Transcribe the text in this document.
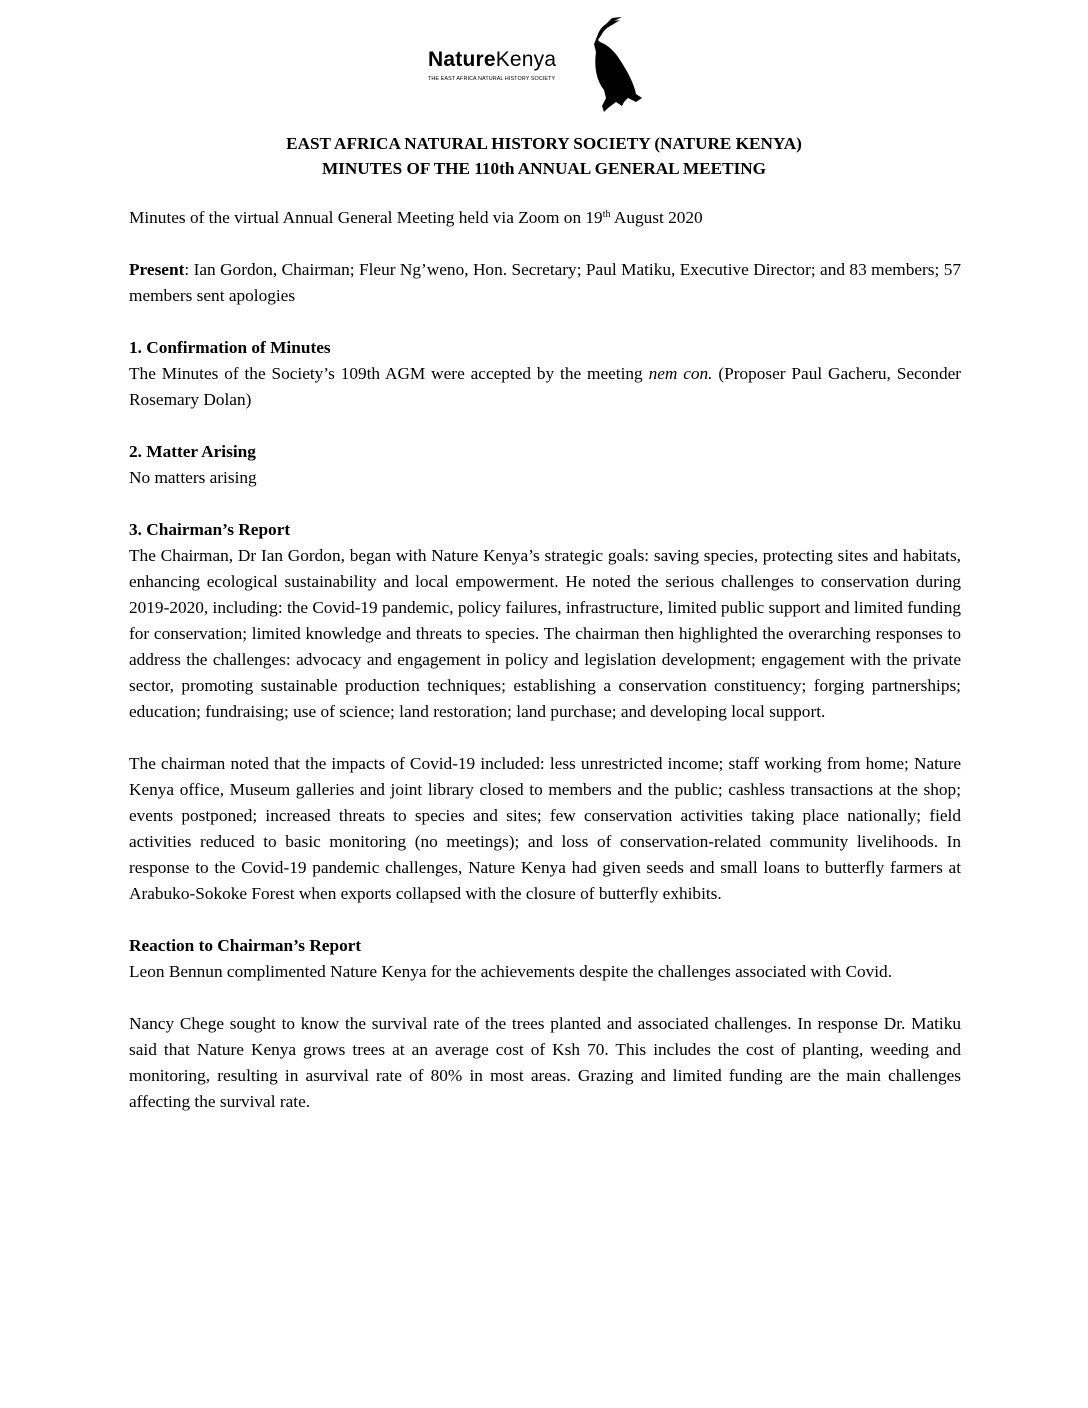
NatureKenya
THE EAST AFRICA NATURAL HISTORY SOCIETY
EAST AFRICA NATURAL HISTORY SOCIETY (NATURE KENYA)
MINUTES OF THE 110th ANNUAL GENERAL MEETING

Minutes of the virtual Annual General Meeting held via Zoom on 19th August 2020

Present: Ian Gordon, Chairman; Fleur Ng’weno, Hon. Secretary; Paul Matiku, Executive Director; and 83 members; 57 members sent apologies

1. Confirmation of Minutes

The Minutes of the Society’s 109th AGM were accepted by the meeting nem con. (Proposer Paul Gacheru, Seconder Rosemary Dolan)

2. Matter Arising

No matters arising

3. Chairman’s Report

The Chairman, Dr Ian Gordon, began with Nature Kenya’s strategic goals: saving species, protecting sites and habitats, enhancing ecological sustainability and local empowerment. He noted the serious challenges to conservation during 2019-2020, including: the Covid-19 pandemic, policy failures, infrastructure, limited public support and limited funding for conservation; limited knowledge and threats to species. The chairman then highlighted the overarching responses to address the challenges: advocacy and engagement in policy and legislation development; engagement with the private sector, promoting sustainable production techniques; establishing a conservation constituency; forging partnerships; education; fundraising; use of science; land restoration; land purchase; and developing local support.

The chairman noted that the impacts of Covid-19 included: less unrestricted income; staff working from home; Nature Kenya office, Museum galleries and joint library closed to members and the public; cashless transactions at the shop; events postponed; increased threats to species and sites; few conservation activities taking place nationally; field activities reduced to basic monitoring (no meetings); and loss of conservation-related community livelihoods. In response to the Covid-19 pandemic challenges, Nature Kenya had given seeds and small loans to butterfly farmers at Arabuko-Sokoke Forest when exports collapsed with the closure of butterfly exhibits.

Reaction to Chairman’s Report

Leon Bennun complimented Nature Kenya for the achievements despite the challenges associated with Covid.

Nancy Chege sought to know the survival rate of the trees planted and associated challenges. In response Dr. Matiku said that Nature Kenya grows trees at an average cost of Ksh 70. This includes the cost of planting, weeding and monitoring, resulting in asurvival rate of 80% in most areas. Grazing and limited funding are the main challenges affecting the survival rate.
